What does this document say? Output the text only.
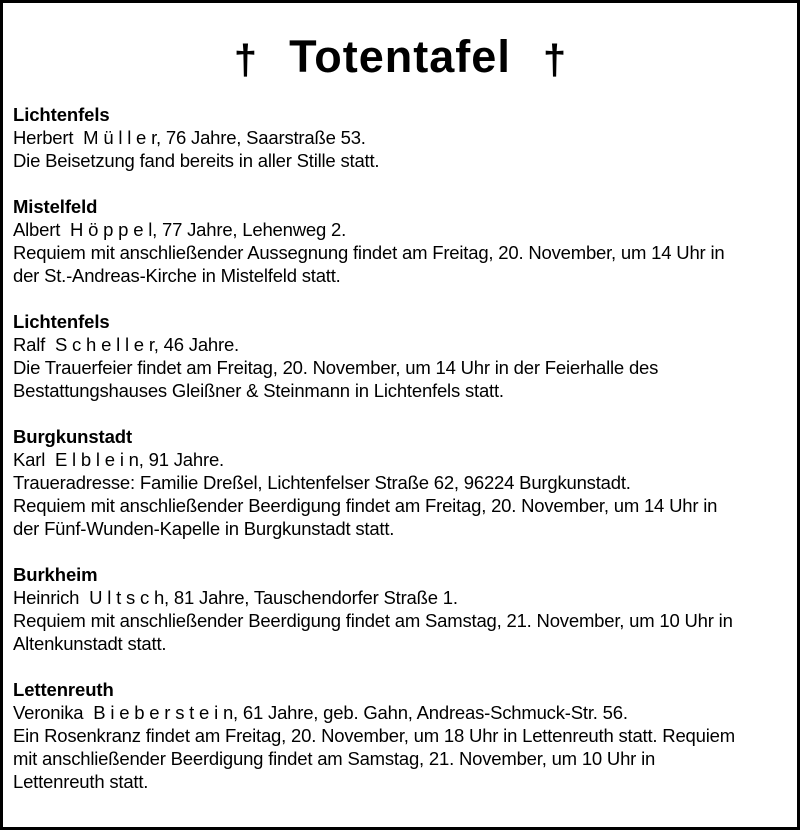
† Totentafel †
Lichtenfels

Herbert  M ü l l e r, 76 Jahre, Saarstraße 53.

Die Beisetzung fand bereits in aller Stille statt.

Mistelfeld

Albert  H ö p p e l, 77 Jahre, Lehenweg 2.

Requiem mit anschließender Aussegnung findet am Freitag, 20. November, um 14 Uhr in

der St.-Andreas-Kirche in Mistelfeld statt.

Lichtenfels

Ralf  S c h e l l e r, 46 Jahre.

Die Trauerfeier findet am Freitag, 20. November, um 14 Uhr in der Feierhalle des

Bestattungshauses Gleißner & Steinmann in Lichtenfels statt.

Burgkunstadt

Karl  E l b l e i n, 91 Jahre.

Traueradresse: Familie Dreßel, Lichtenfelser Straße 62, 96224 Burgkunstadt.

Requiem mit anschließender Beerdigung findet am Freitag, 20. November, um 14 Uhr in

der Fünf-Wunden-Kapelle in Burgkunstadt statt.

Burkheim

Heinrich  U l t s c h, 81 Jahre, Tauschendorfer Straße 1.

Requiem mit anschließender Beerdigung findet am Samstag, 21. November, um 10 Uhr in

Altenkunstadt statt.

Lettenreuth

Veronika  B i e b e r s t e i n, 61 Jahre, geb. Gahn, Andreas-Schmuck-Str. 56.

Ein Rosenkranz findet am Freitag, 20. November, um 18 Uhr in Lettenreuth statt. Requiem

mit anschließender Beerdigung findet am Samstag, 21. November, um 10 Uhr in

Lettenreuth statt.
